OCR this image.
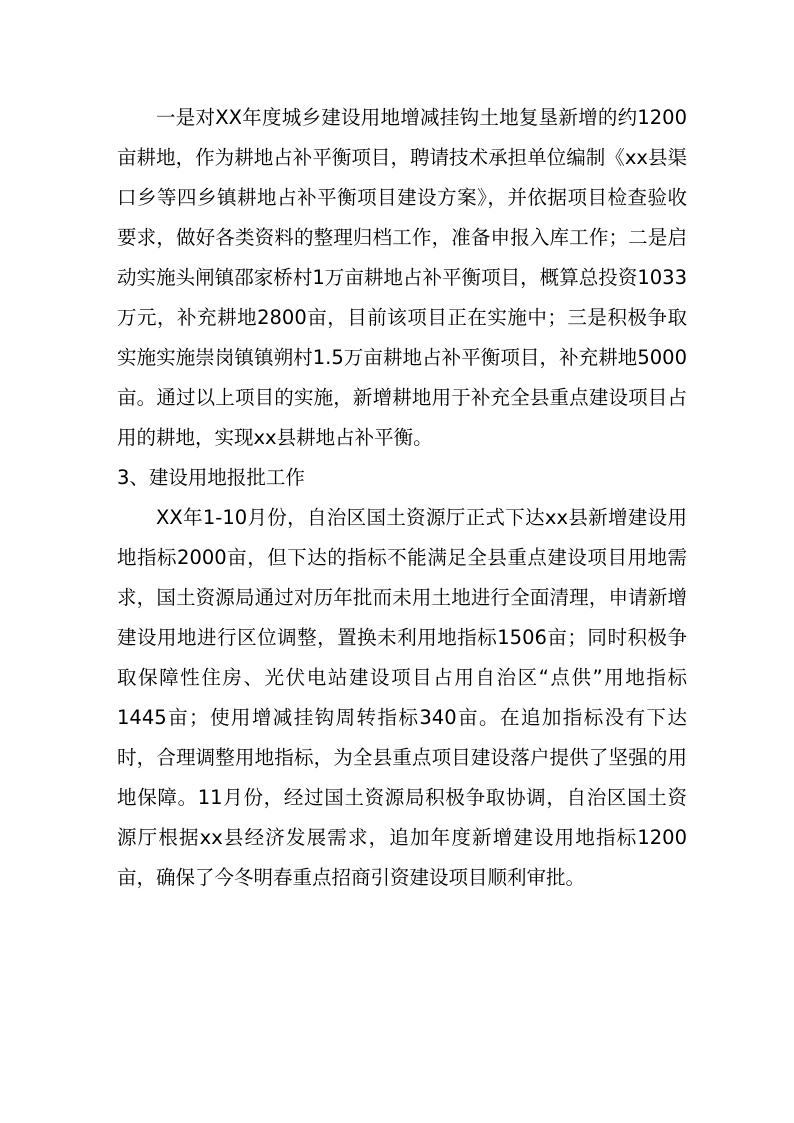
一是对XX年度城乡建设用地增减挂钩土地复垦新增的约1200亩耕地，作为耕地占补平衡项目，聘请技术承担单位编制《xx县渠口乡等四乡镇耕地占补平衡项目建设方案》，并依据项目检查验收要求，做好各类资料的整理归档工作，准备申报入库工作；二是启动实施头闸镇邵家桥村1万亩耕地占补平衡项目，概算总投资1033万元，补充耕地2800亩，目前该项目正在实施中；三是积极争取实施实施崇岗镇镇朔村1.5万亩耕地占补平衡项目，补充耕地5000亩。通过以上项目的实施，新增耕地用于补充全县重点建设项目占用的耕地，实现xx县耕地占补平衡。

3、建设用地报批工作

XX年1-10月份，自治区国土资源厅正式下达xx县新增建设用地指标2000亩，但下达的指标不能满足全县重点建设项目用地需求，国土资源局通过对历年批而未用土地进行全面清理，申请新增建设用地进行区位调整，置换未利用地指标1506亩；同时积极争取保障性住房、光伏电站建设项目占用自治区“点供”用地指标1445亩；使用增减挂钩周转指标340亩。在追加指标没有下达时，合理调整用地指标，为全县重点项目建设落户提供了坚强的用地保障。11月份，经过国土资源局积极争取协调，自治区国土资源厅根据xx县经济发展需求，追加年度新增建设用地指标1200亩，确保了今冬明春重点招商引资建设项目顺利审批。
